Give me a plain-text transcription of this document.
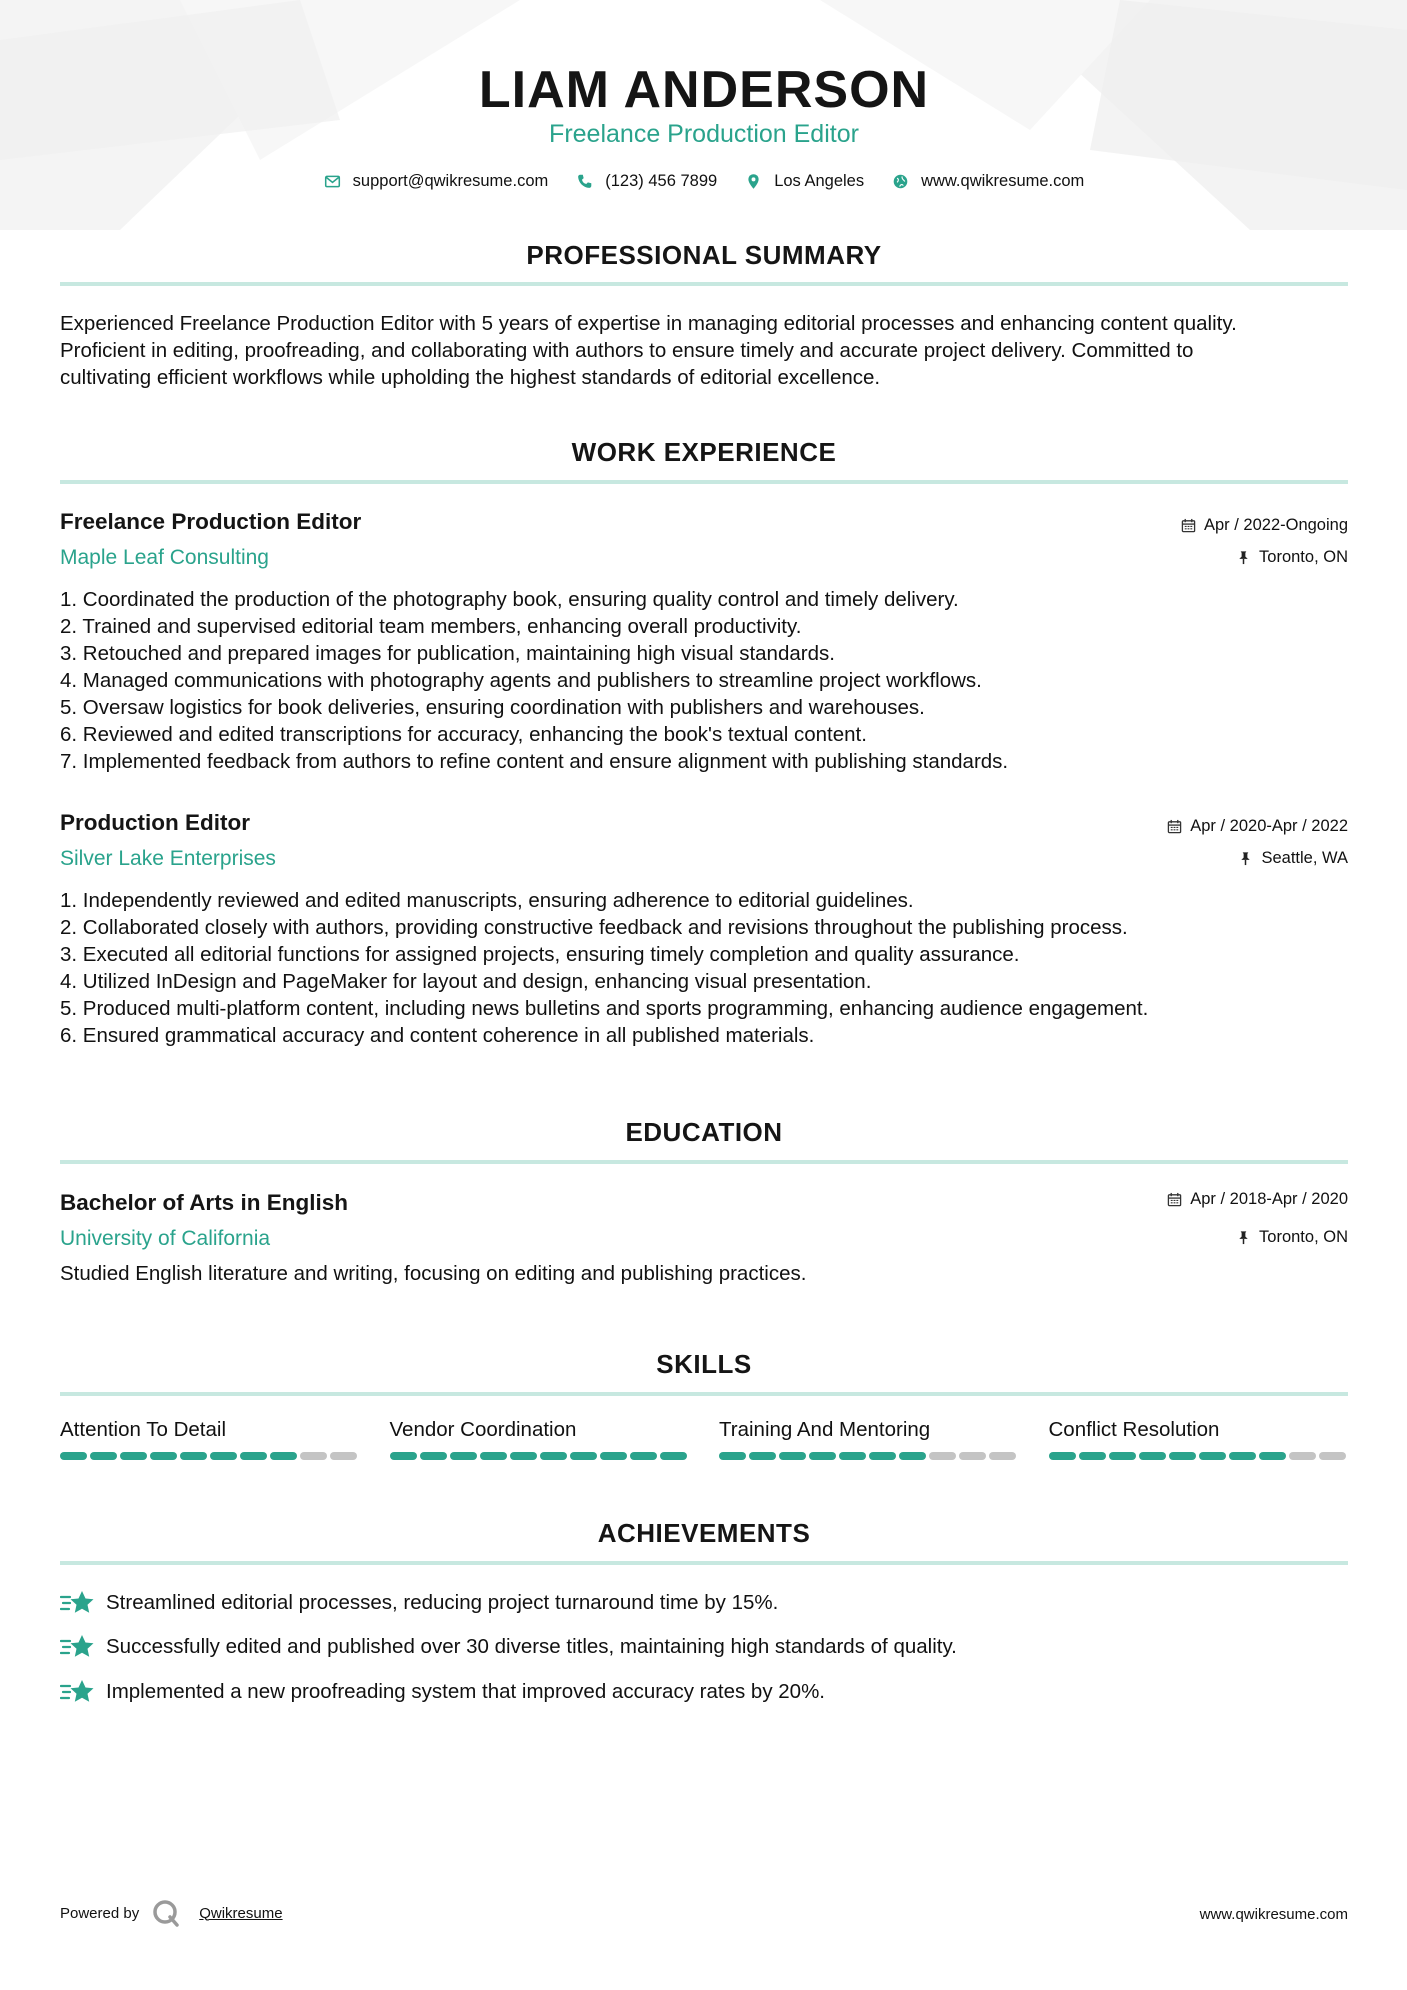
LIAM ANDERSON
Freelance Production Editor
support@qwikresume.com	(123) 456 7899	Los Angeles	www.qwikresume.com
PROFESSIONAL SUMMARY
Experienced Freelance Production Editor with 5 years of expertise in managing editorial processes and enhancing content quality.
Proficient in editing, proofreading, and collaborating with authors to ensure timely and accurate project delivery. Committed to
cultivating efficient workflows while upholding the highest standards of editorial excellence.
WORK EXPERIENCE
Freelance Production Editor
Maple Leaf Consulting
Apr / 2022-Ongoing
Toronto, ON
1. Coordinated the production of the photography book, ensuring quality control and timely delivery.
2. Trained and supervised editorial team members, enhancing overall productivity.
3. Retouched and prepared images for publication, maintaining high visual standards.
4. Managed communications with photography agents and publishers to streamline project workflows.
5. Oversaw logistics for book deliveries, ensuring coordination with publishers and warehouses.
6. Reviewed and edited transcriptions for accuracy, enhancing the book's textual content.
7. Implemented feedback from authors to refine content and ensure alignment with publishing standards.
Production Editor
Silver Lake Enterprises
Apr / 2020-Apr / 2022
Seattle, WA
1. Independently reviewed and edited manuscripts, ensuring adherence to editorial guidelines.
2. Collaborated closely with authors, providing constructive feedback and revisions throughout the publishing process.
3. Executed all editorial functions for assigned projects, ensuring timely completion and quality assurance.
4. Utilized InDesign and PageMaker for layout and design, enhancing visual presentation.
5. Produced multi-platform content, including news bulletins and sports programming, enhancing audience engagement.
6. Ensured grammatical accuracy and content coherence in all published materials.
EDUCATION
Bachelor of Arts in English
University of California
Apr / 2018-Apr / 2020
Toronto, ON
Studied English literature and writing, focusing on editing and publishing practices.
SKILLS
Attention To Detail	Vendor Coordination	Training And Mentoring	Conflict Resolution
ACHIEVEMENTS
Streamlined editorial processes, reducing project turnaround time by 15%.
Successfully edited and published over 30 diverse titles, maintaining high standards of quality.
Implemented a new proofreading system that improved accuracy rates by 20%.
Powered by	Qwikresume	www.qwikresume.com
